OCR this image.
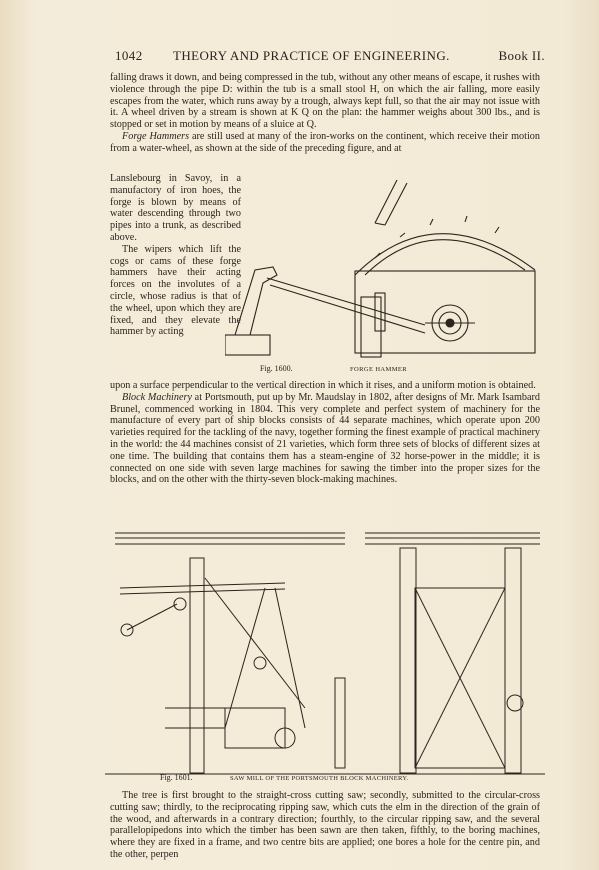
1042 THEORY AND PRACTICE OF ENGINEERING.	Book II.

falling draws it down, and being compressed in the tub, without any other means of escape, it rushes with violence through the pipe D: within the tub is a small stool H, on which the air falling, more easily escapes from the water, which runs away by a trough, always kept full, so that the air may not issue with it. A wheel driven by a stream is shown at K Q on the plan: the hammer weighs about 300 lbs., and is stopped or set in motion by means of a sluice at Q.

Forge Hammers are still used at many of the iron-works on the continent, which receive their motion from a water-wheel, as shown at the side of the preceding figure, and at

Lanslebourg in Savoy, in a manufactory of iron hoes, the forge is blown by means of water descending through two pipes into a trunk, as described above.

The wipers which lift the cogs or cams of these forge hammers have their acting forces on the involutes of a circle, whose radius is that of the wheel, upon which they are fixed, and they elevate the hammer by acting

Fig. 1600.	FORGE HAMMER

upon a surface perpendicular to the vertical direction in which it rises, and a uniform motion is obtained.

Block Machinery at Portsmouth, put up by Mr. Maudslay in 1802, after designs of Mr. Mark Isambard Brunel, commenced working in 1804. This very complete and perfect system of machinery for the manufacture of every part of ship blocks consists of 44 separate machines, which operate upon 200 varieties required for the tackling of the navy, together forming the finest example of practical machinery in the world: the 44 machines consist of 21 varieties, which form three sets of blocks of different sizes at one time. The building that contains them has a steam-engine of 32 horse-power in the middle; it is connected on one side with seven large machines for sawing the timber into the proper sizes for the blocks, and on the other with the thirty-seven block-making machines.

Fig. 1601.	SAW MILL OF THE PORTSMOUTH BLOCK MACHINERY.

The tree is first brought to the straight-cross cutting saw; secondly, submitted to the circular-cross cutting saw; thirdly, to the reciprocating ripping saw, which cuts the elm in the direction of the grain of the wood, and afterwards in a contrary direction; fourthly, to the circular ripping saw, and the several parallelopipedons into which the timber has been sawn are then taken, fifthly, to the boring machines, where they are fixed in a frame, and two centre bits are applied; one bores a hole for the centre pin, and the other, perpen
